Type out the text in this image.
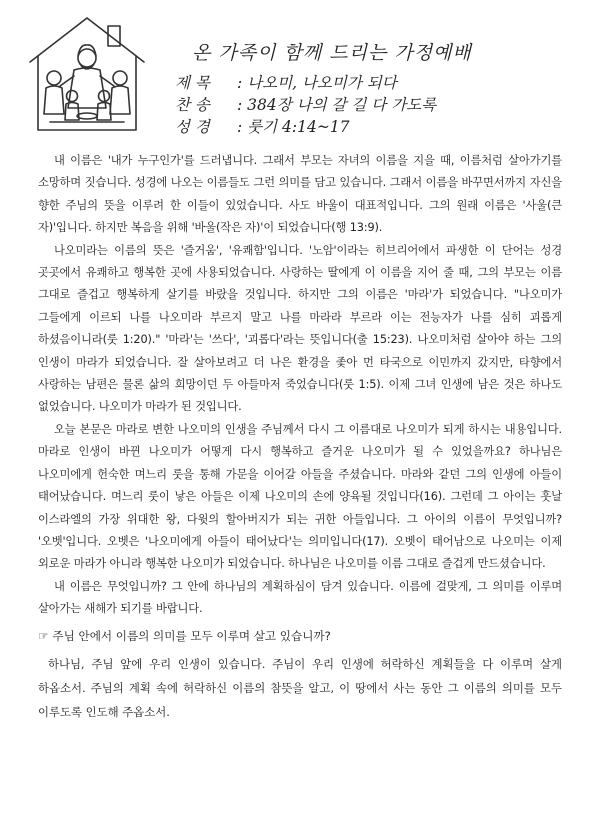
온 가족이 함께 드리는 가정예배
제 목 : 나오미, 나오미가 되다
찬 송 : 384장 나의 갈 길 다 가도록
성 경 : 룻기 4:14~17

내 이름은 '내가 누구인가'를 드러냅니다. 그래서 부모는 자녀의 이름을 지을 때, 이름처럼 살아가기를 소망하며 짓습니다. 성경에 나오는 이름들도 그런 의미를 담고 있습니다. 그래서 이름을 바꾸면서까지 자신을 향한 주님의 뜻을 이루려 한 이들이 있었습니다. 사도 바울이 대표적입니다. 그의 원래 이름은 '사울(큰 자)'입니다. 하지만 복음을 위해 '바울(작은 자)'이 되었습니다(행 13:9).

나오미라는 이름의 뜻은 '즐거움', '유쾌함'입니다. '노암'이라는 히브리어에서 파생한 이 단어는 성경 곳곳에서 유쾌하고 행복한 곳에 사용되었습니다. 사랑하는 딸에게 이 이름을 지어 줄 때, 그의 부모는 이름 그대로 즐겁고 행복하게 살기를 바랐을 것입니다. 하지만 그의 이름은 '마라'가 되었습니다. "나오미가 그들에게 이르되 나를 나오미라 부르지 말고 나를 마라라 부르라 이는 전능자가 나를 심히 괴롭게 하셨음이니라(룻 1:20)." '마라'는 '쓰다', '괴롭다'라는 뜻입니다(출 15:23). 나오미처럼 살아야 하는 그의 인생이 마라가 되었습니다. 잘 살아보려고 더 나은 환경을 좇아 먼 타국으로 이민까지 갔지만, 타향에서 사랑하는 남편은 물론 삶의 희망이던 두 아들마저 죽었습니다(룻 1:5). 이제 그녀 인생에 남은 것은 하나도 없었습니다. 나오미가 마라가 된 것입니다.

오늘 본문은 마라로 변한 나오미의 인생을 주님께서 다시 그 이름대로 나오미가 되게 하시는 내용입니다. 마라로 인생이 바뀐 나오미가 어떻게 다시 행복하고 즐거운 나오미가 될 수 있었을까요? 하나님은 나오미에게 헌숙한 며느리 룻을 통해 가문을 이어갈 아들을 주셨습니다. 마라와 같던 그의 인생에 아들이 태어났습니다. 며느리 룻이 낳은 아들은 이제 나오미의 손에 양육될 것입니다(16). 그런데 그 아이는 훗날 이스라엘의 가장 위대한 왕, 다윗의 할아버지가 되는 귀한 아들입니다. 그 아이의 이름이 무엇입니까? '오벳'입니다. 오벳은 '나오미에게 아들이 태어났다'는 의미입니다(17). 오벳이 태어남으로 나오미는 이제 외로운 마라가 아니라 행복한 나오미가 되었습니다. 하나님은 나오미를 이름 그대로 즐겁게 만드셨습니다.

내 이름은 무엇입니까? 그 안에 하나님의 계획하심이 담겨 있습니다. 이름에 걸맞게, 그 의미를 이루며 살아가는 새해가 되기를 바랍니다.

☞ 주님 안에서 이름의 의미를 모두 이루며 살고 있습니까?

하나님, 주님 앞에 우리 인생이 있습니다. 주님이 우리 인생에 허락하신 계획들을 다 이루며 살게 하옵소서. 주님의 계획 속에 허락하신 이름의 참뜻을 알고, 이 땅에서 사는 동안 그 이름의 의미를 모두 이루도록 인도해 주옵소서.
